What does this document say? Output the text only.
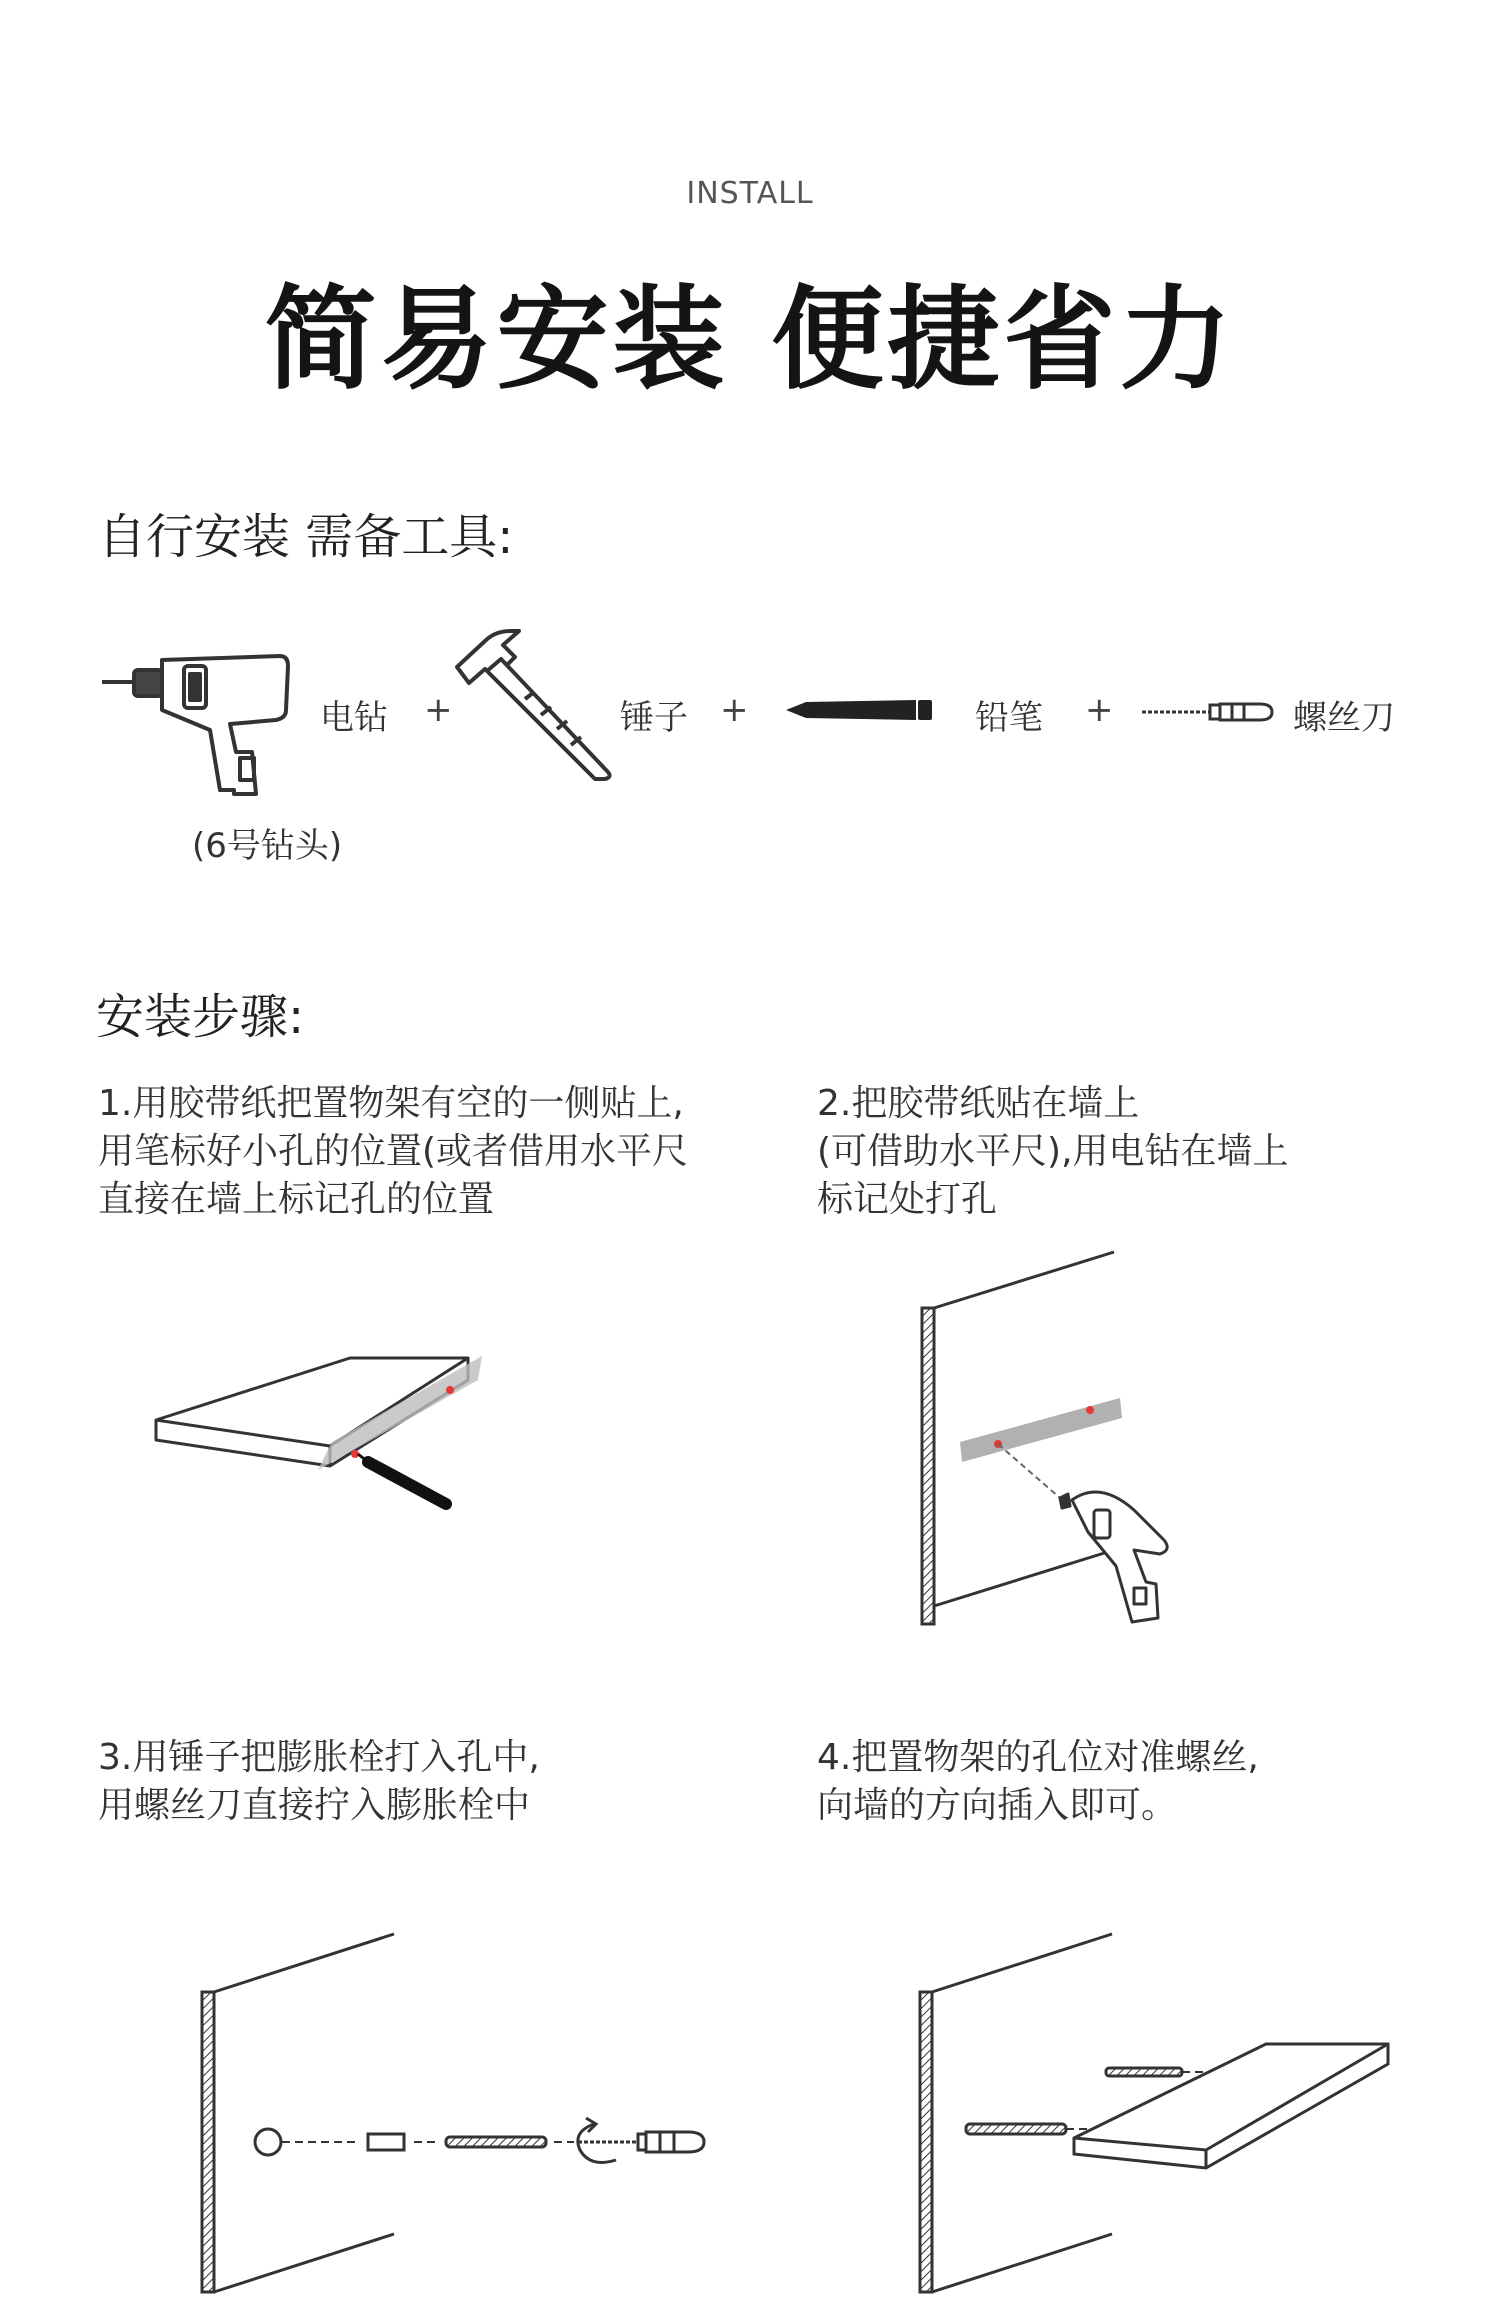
INSTALL
简易安装 便捷省力
自行安装 需备工具:
电钻 +	锤子 +	铅笔 +	螺丝刀
(6号钻头)
安装步骤:
1.用胶带纸把置物架有空的一侧贴上,
用笔标好小孔的位置(或者借用水平尺
直接在墙上标记孔的位置
2.把胶带纸贴在墙上
(可借助水平尺),用电钻在墙上
标记处打孔
3.用锤子把膨胀栓打入孔中,
用螺丝刀直接拧入膨胀栓中
4.把置物架的孔位对准螺丝,
向墙的方向插入即可。
